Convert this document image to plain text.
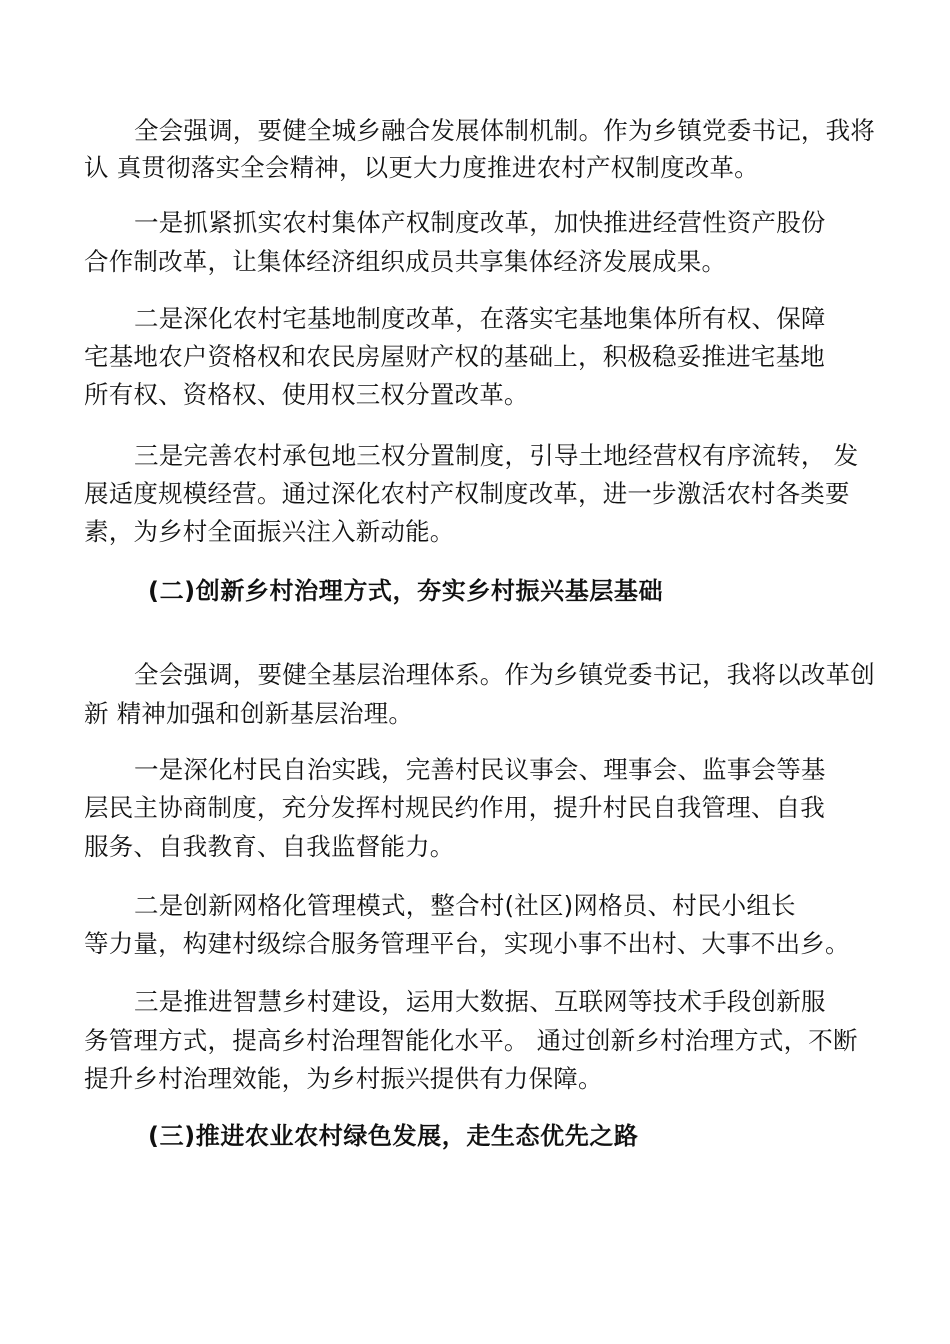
全会强调，要健全城乡融合发展体制机制。作为乡镇党委书记，我将
认 真贯彻落实全会精神，以更大力度推进农村产权制度改革。
一是抓紧抓实农村集体产权制度改革，加快推进经营性资产股份
合作制改革，让集体经济组织成员共享集体经济发展成果。
二是深化农村宅基地制度改革，在落实宅基地集体所有权、保障
宅基地农户资格权和农民房屋财产权的基础上，积极稳妥推进宅基地
所有权、资格权、使用权三权分置改革。
三是完善农村承包地三权分置制度，引导土地经营权有序流转， 发
展适度规模经营。通过深化农村产权制度改革，进一步激活农村各类要
素，为乡村全面振兴注入新动能。
(二)创新乡村治理方式，夯实乡村振兴基层基础
全会强调，要健全基层治理体系。作为乡镇党委书记，我将以改革创
新 精神加强和创新基层治理。
一是深化村民自治实践，完善村民议事会、理事会、监事会等基
层民主协商制度，充分发挥村规民约作用，提升村民自我管理、自我
服务、自我教育、自我监督能力。
二是创新网格化管理模式，整合村(社区)网格员、村民小组长
等力量，构建村级综合服务管理平台，实现小事不出村、大事不出乡。
三是推进智慧乡村建设，运用大数据、互联网等技术手段创新服
务管理方式，提高乡村治理智能化水平。 通过创新乡村治理方式，不断
提升乡村治理效能，为乡村振兴提供有力保障。
(三)推进农业农村绿色发展，走生态优先之路
